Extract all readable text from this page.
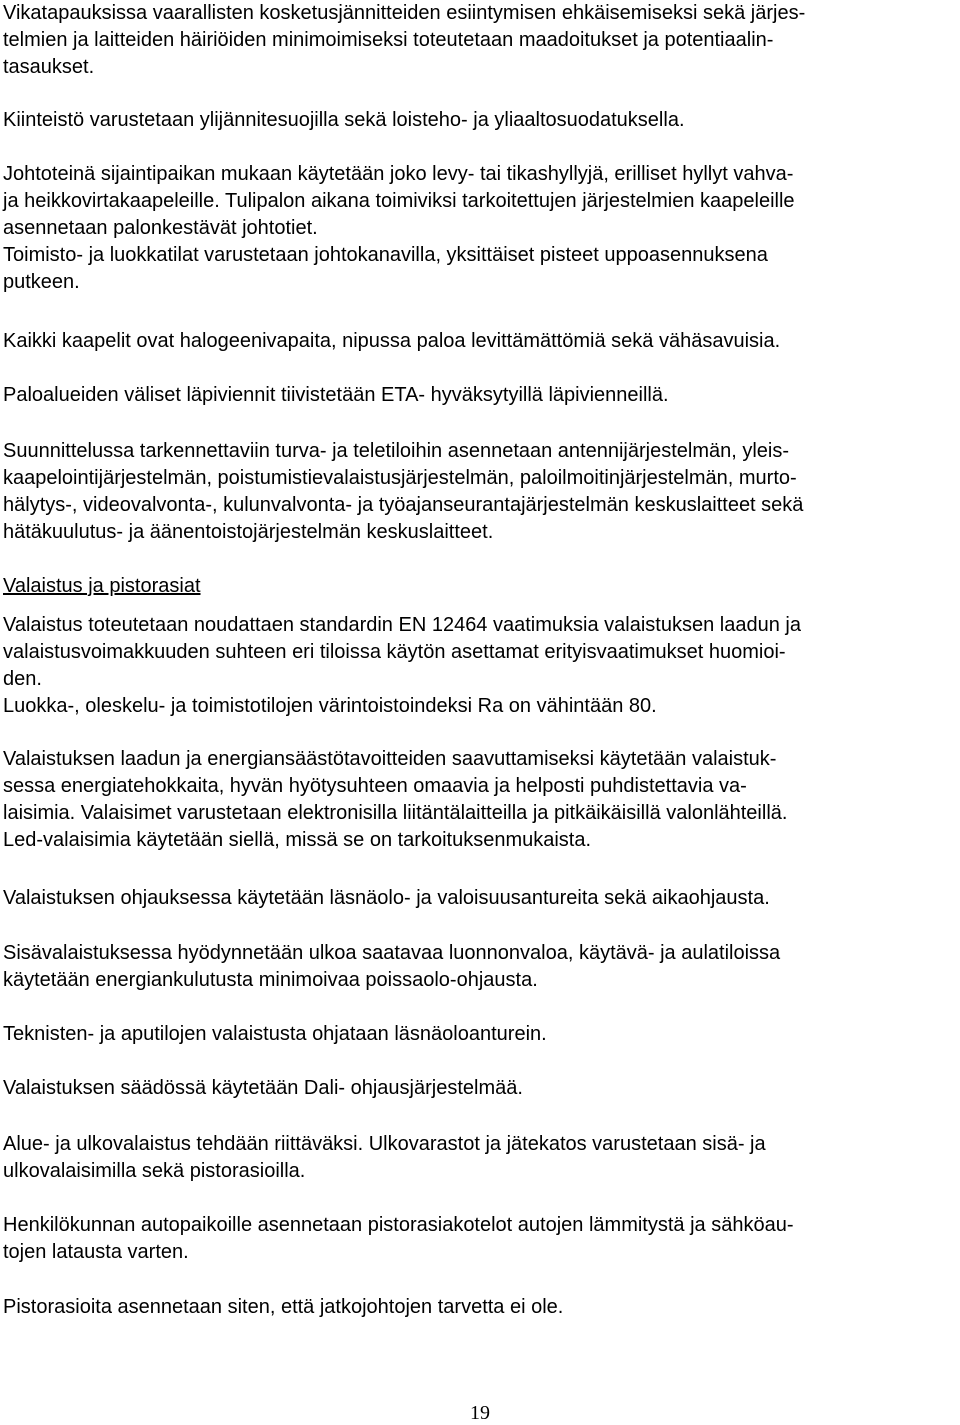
Vikatapauksissa vaarallisten kosketusjännitteiden esiintymisen ehkäisemiseksi sekä järjes-
telmien ja laitteiden häiriöiden minimoimiseksi toteutetaan maadoitukset ja potentiaalin-
tasaukset.
Kiinteistö varustetaan ylijännitesuojilla sekä loisteho- ja yliaaltosuodatuksella.
Johtoteinä sijaintipaikan mukaan käytetään joko levy- tai tikashyllyjä, erilliset hyllyt vahva-
ja heikkovirtakaapeleille. Tulipalon aikana toimiviksi tarkoitettujen järjestelmien kaapeleille
asennetaan palonkestävät johtotiet.
Toimisto- ja luokkatilat varustetaan johtokanavilla, yksittäiset pisteet uppoasennuksena
putkeen.
Kaikki kaapelit ovat halogeenivapaita, nipussa paloa levittämättömiä sekä vähäsavuisia.
Paloalueiden väliset läpiviennit tiivistetään ETA- hyväksytyillä läpivienneillä.
Suunnittelussa tarkennettaviin turva- ja teletiloihin asennetaan antennijärjestelmän, yleis-
kaapelointijärjestelmän, poistumistievalaistusjärjestelmän, paloilmoitinjärjestelmän, murto-
hälytys-, videovalvonta-, kulunvalvonta- ja työajanseurantajärjestelmän keskuslaitteet sekä
hätäkuulutus- ja äänentoistojärjestelmän keskuslaitteet.
Valaistus ja pistorasiat
Valaistus toteutetaan noudattaen standardin EN 12464 vaatimuksia valaistuksen laadun ja
valaistusvoimakkuuden suhteen eri tiloissa käytön asettamat erityisvaatimukset huomioi-
den.
Luokka-, oleskelu- ja toimistotilojen värintoistoindeksi Ra on vähintään 80.
Valaistuksen laadun ja energiansäästötavoitteiden saavuttamiseksi käytetään valaistuk-
sessa energiatehokkaita, hyvän hyötysuhteen omaavia ja helposti puhdistettavia va-
laisimia. Valaisimet varustetaan elektronisilla liitäntälaitteilla ja pitkäikäisillä valonlähteillä.
Led-valaisimia käytetään siellä, missä se on tarkoituksenmukaista.
Valaistuksen ohjauksessa käytetään läsnäolo- ja valoisuusantureita sekä aikaohjausta.
Sisävalaistuksessa hyödynnetään ulkoa saatavaa luonnonvaloa, käytävä- ja aulatiloissa
käytetään energiankulutusta minimoivaa poissaolo-ohjausta.
Teknisten- ja aputilojen valaistusta ohjataan läsnäoloanturein.
Valaistuksen säädössä käytetään Dali- ohjausjärjestelmää.
Alue- ja ulkovalaistus tehdään riittäväksi. Ulkovarastot ja jätekatos varustetaan sisä- ja
ulkovalaisimilla sekä pistorasioilla.
Henkilökunnan autopaikoille asennetaan pistorasiakotelot autojen lämmitystä ja sähköau-
tojen latausta varten.
Pistorasioita asennetaan siten, että jatkojohtojen tarvetta ei ole.
19
